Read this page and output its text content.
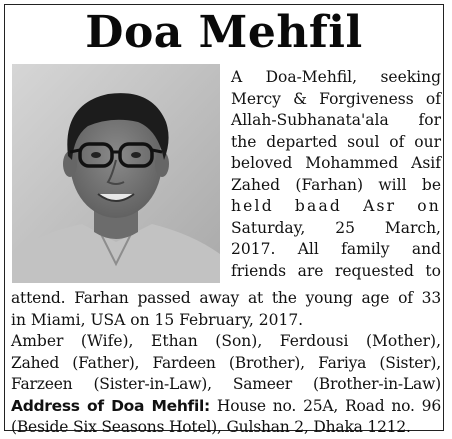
Doa Mehfil
A Doa-Mehfil, seeking
Mercy & Forgiveness of
Allah-Subhanata'ala for
the departed soul of our
beloved Mohammed Asif
Zahed (Farhan) will be
held baad Asr on
Saturday, 25 March,
2017. All family and
friends are requested to
attend. Farhan passed away at the young age of 33
in Miami, USA on 15 February, 2017.
Amber (Wife), Ethan (Son), Ferdousi (Mother),
Zahed (Father), Fardeen (Brother), Fariya (Sister),
Farzeen (Sister-in-Law), Sameer (Brother-in-Law)
Address of Doa Mehfil: House no. 25A, Road no. 96
(Beside Six Seasons Hotel), Gulshan 2, Dhaka 1212.
